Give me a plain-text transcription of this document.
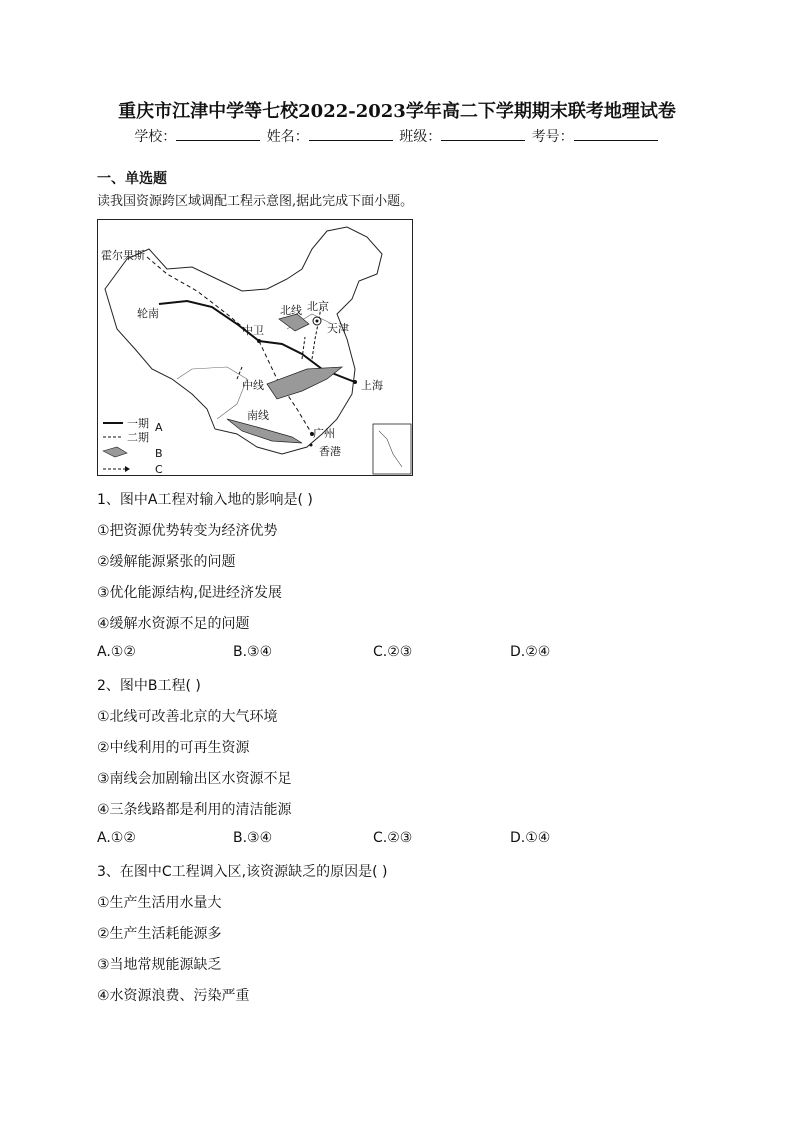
重庆市江津中学等七校2022-2023学年高二下学期期末联考地理试卷
学校：	姓名：	班级：	考号：
一、单选题
读我国资源跨区域调配工程示意图,据此完成下面小题。
霍尔果斯
轮南
中卫
北线 北京
天津
上海
中线
南线
广州
香港
一期
二期
A
B
C
1、图中A工程对输入地的影响是( )
①把资源优势转变为经济优势
②缓解能源紧张的问题
③优化能源结构,促进经济发展
④缓解水资源不足的问题
A.①②	B.③④	C.②③	D.②④
2、图中B工程( )
①北线可改善北京的大气环境
②中线利用的可再生资源
③南线会加剧输出区水资源不足
④三条线路都是利用的清洁能源
A.①②	B.③④	C.②③	D.①④
3、在图中C工程调入区,该资源缺乏的原因是( )
①生产生活用水量大
②生产生活耗能源多
③当地常规能源缺乏
④水资源浪费、污染严重
